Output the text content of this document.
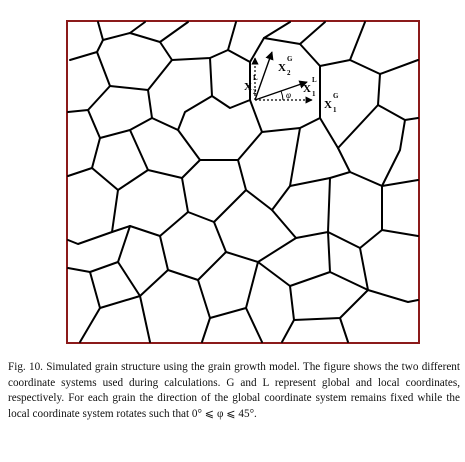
X
L
2
X
G
2
X
L
1
X
G
1
φ
Fig. 10. Simulated grain structure using the grain growth model. The figure shows the two different coordinate systems used during calculations. G and L represent global and local coordinates, respectively. For each grain the direction of the global coordinate system remains fixed while the local coordinate system rotates such that 0° ⩽ φ ⩽ 45°.
